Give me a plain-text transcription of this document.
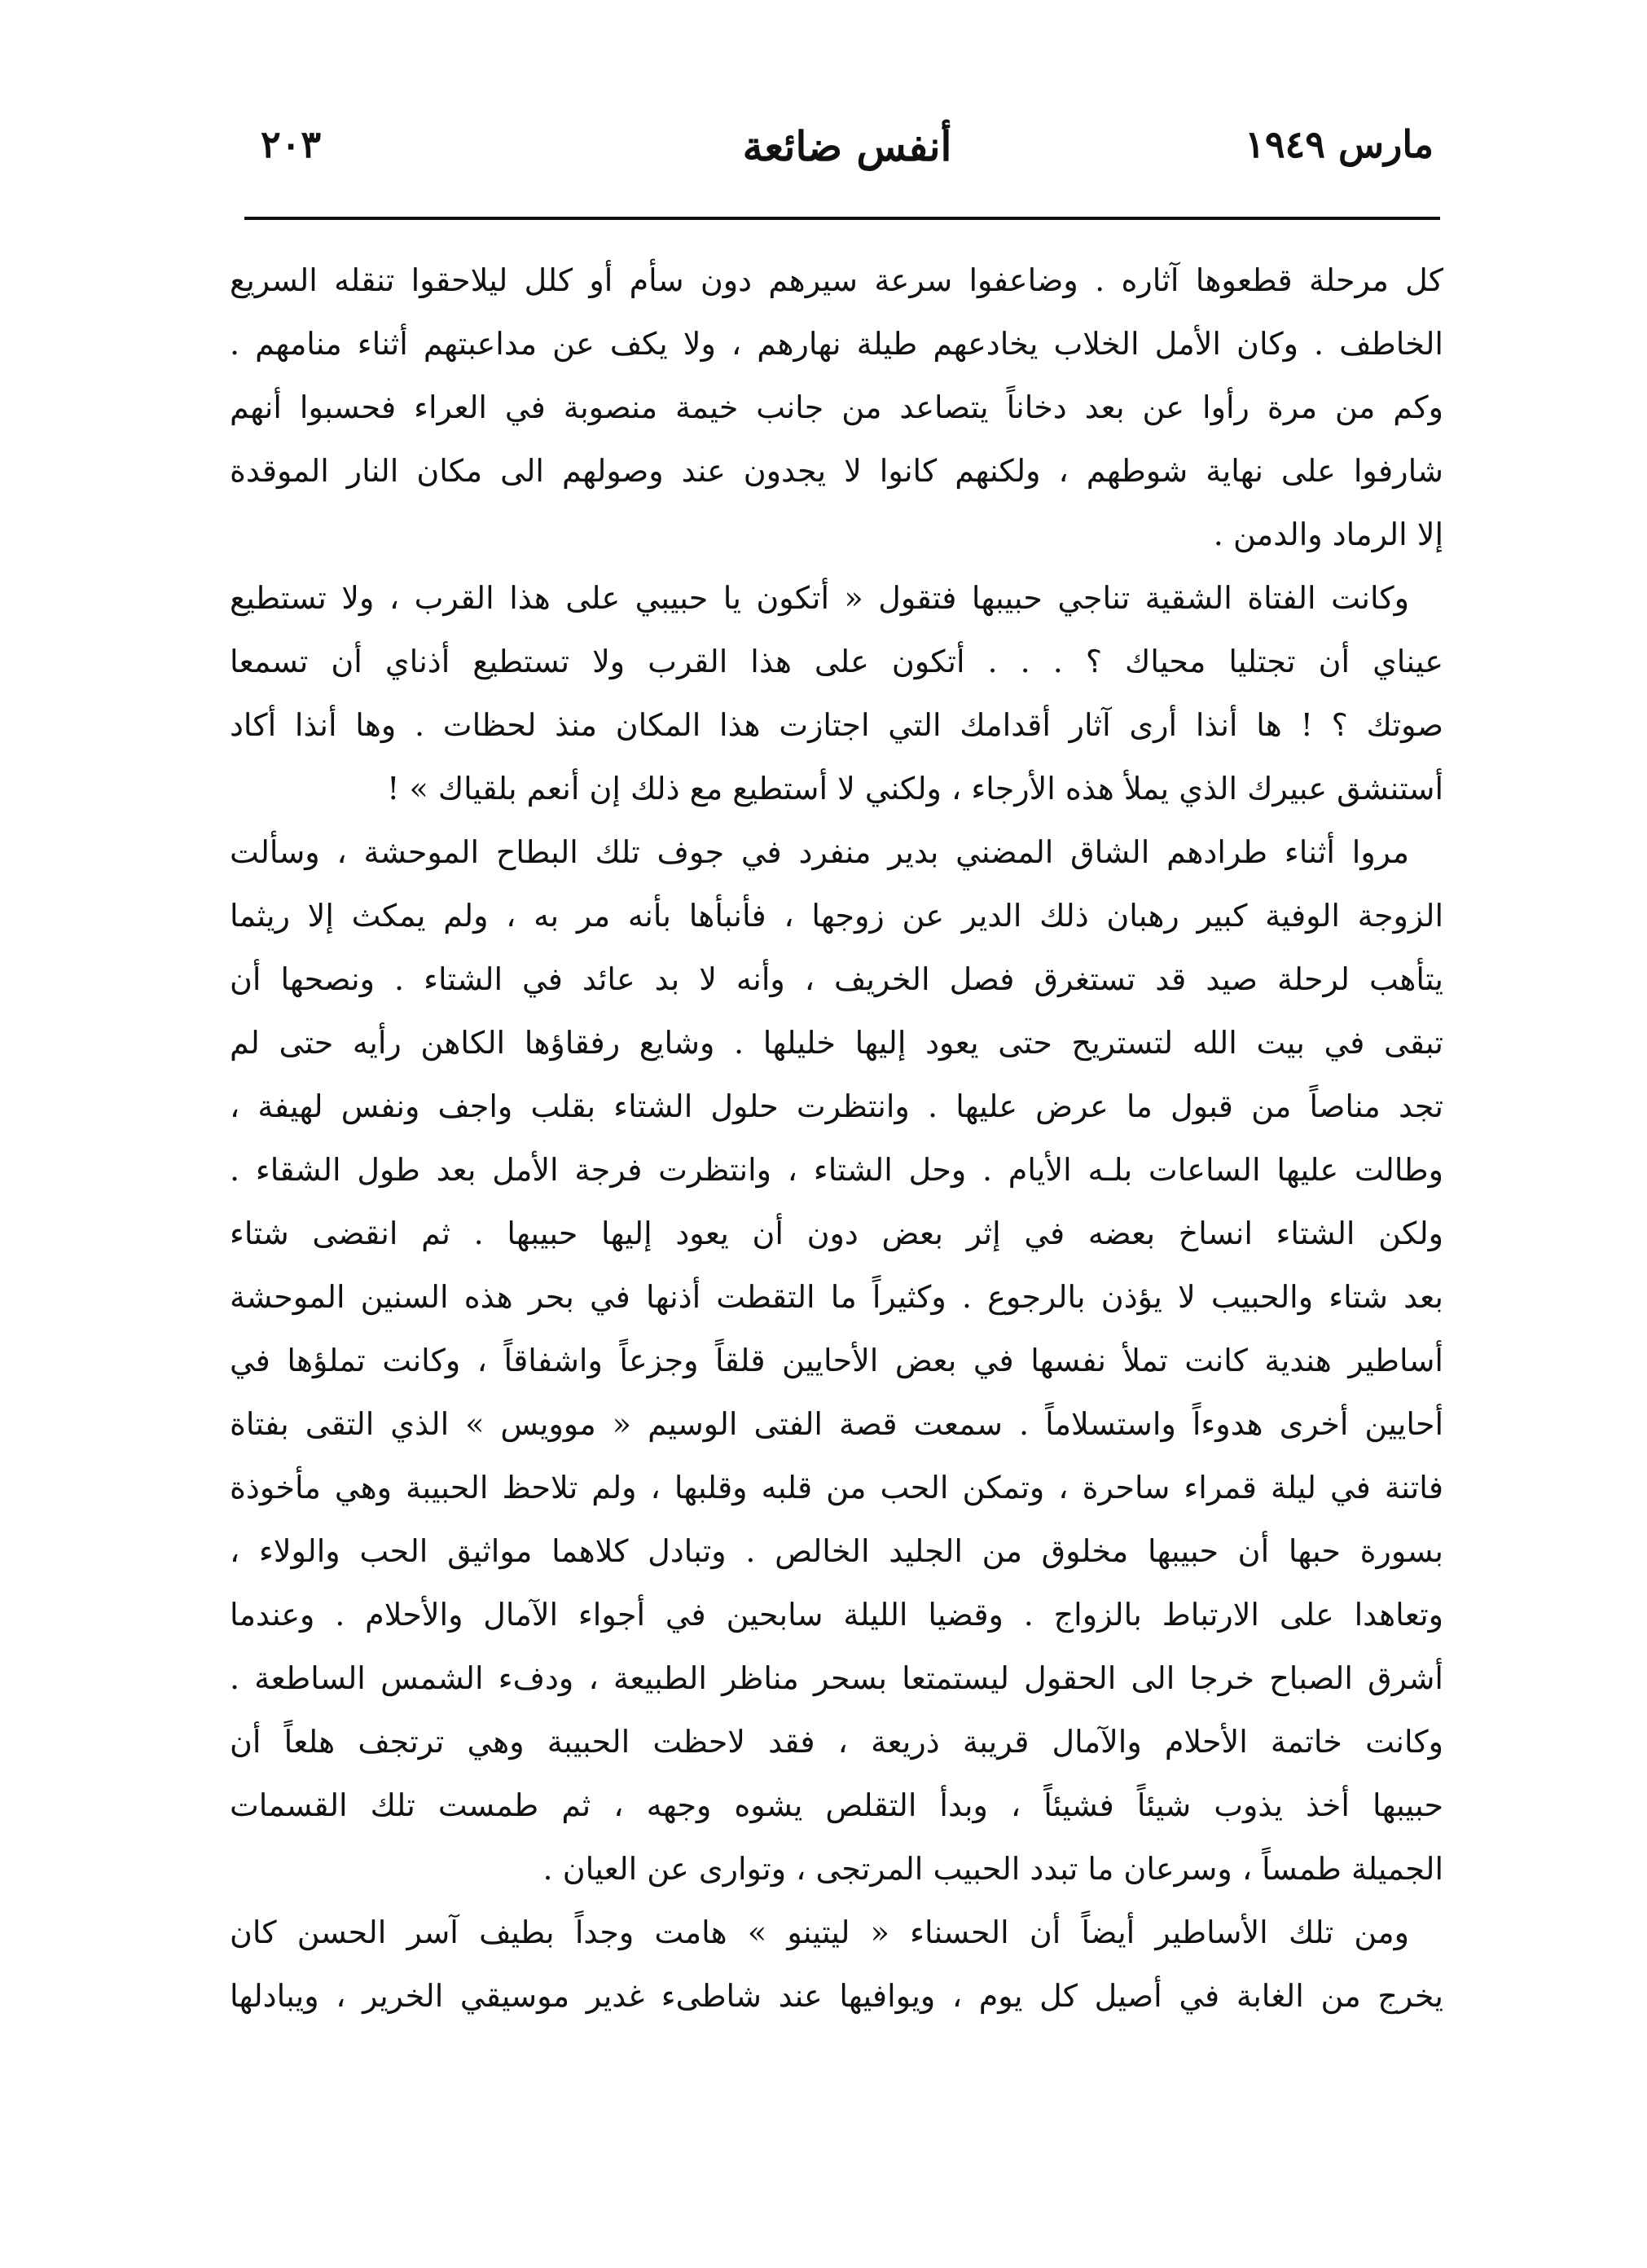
مارس ١٩٤٩
أنفس ضائعة
٢٠٣
كل مرحلة قطعوها آثاره . وضاعفوا سرعة سيرهم دون سأم أو كلل ليلاحقوا تنقله السريع
الخاطف . وكان الأمل الخلاب يخادعهم طيلة نهارهم ، ولا يكف عن مداعبتهم أثناء منامهم .
وكم من مرة رأوا عن بعد دخاناً يتصاعد من جانب خيمة منصوبة في العراء فحسبوا أنهم
شارفوا على نهاية شوطهم ، ولكنهم كانوا لا يجدون عند وصولهم الى مكان النار الموقدة
إلا الرماد والدمن .
وكانت الفتاة الشقية تناجي حبيبها فتقول « أتكون يا حبيبي على هذا القرب ، ولا تستطيع
عيناي أن تجتليا محياك ؟ . . . أتكون على هذا القرب ولا تستطيع أذناي أن تسمعا
صوتك ؟ ! ها أنذا أرى آثار أقدامك التي اجتازت هذا المكان منذ لحظات . وها أنذا أكاد
أستنشق عبيرك الذي يملأ هذه الأرجاء ، ولكني لا أستطيع مع ذلك إن أنعم بلقياك » !
مروا أثناء طرادهم الشاق المضني بدير منفرد في جوف تلك البطاح الموحشة ، وسألت
الزوجة الوفية كبير رهبان ذلك الدير عن زوجها ، فأنبأها بأنه مر به ، ولم يمكث إلا ريثما
يتأهب لرحلة صيد قد تستغرق فصل الخريف ، وأنه لا بد عائد في الشتاء . ونصحها أن
تبقى في بيت الله لتستريح حتى يعود إليها خليلها . وشايع رفقاؤها الكاهن رأيه حتى لم
تجد مناصاً من قبول ما عرض عليها . وانتظرت حلول الشتاء بقلب واجف ونفس لهيفة ،
وطالت عليها الساعات بلـه الأيام . وحل الشتاء ، وانتظرت فرجة الأمل بعد طول الشقاء .
ولكن الشتاء انساخ بعضه في إثر بعض دون أن يعود إليها حبيبها . ثم انقضى شتاء
بعد شتاء والحبيب لا يؤذن بالرجوع . وكثيراً ما التقطت أذنها في بحر هذه السنين الموحشة
أساطير هندية كانت تملأ نفسها في بعض الأحايين قلقاً وجزعاً واشفاقاً ، وكانت تملؤها في
أحايين أخرى هدوءاً واستسلاماً . سمعت قصة الفتى الوسيم « موويس » الذي التقى بفتاة
فاتنة في ليلة قمراء ساحرة ، وتمكن الحب من قلبه وقلبها ، ولم تلاحظ الحبيبة وهي مأخوذة
بسورة حبها أن حبيبها مخلوق من الجليد الخالص . وتبادل كلاهما مواثيق الحب والولاء ،
وتعاهدا على الارتباط بالزواج . وقضيا الليلة سابحين في أجواء الآمال والأحلام . وعندما
أشرق الصباح خرجا الى الحقول ليستمتعا بسحر مناظر الطبيعة ، ودفء الشمس الساطعة .
وكانت خاتمة الأحلام والآمال قريبة ذريعة ، فقد لاحظت الحبيبة وهي ترتجف هلعاً أن
حبيبها أخذ يذوب شيئاً فشيئاً ، وبدأ التقلص يشوه وجهه ، ثم طمست تلك القسمات
الجميلة طمساً ، وسرعان ما تبدد الحبيب المرتجى ، وتوارى عن العيان .
ومن تلك الأساطير أيضاً أن الحسناء « ليتينو » هامت وجداً بطيف آسر الحسن كان
يخرج من الغابة في أصيل كل يوم ، ويوافيها عند شاطىء غدير موسيقي الخرير ، ويبادلها
